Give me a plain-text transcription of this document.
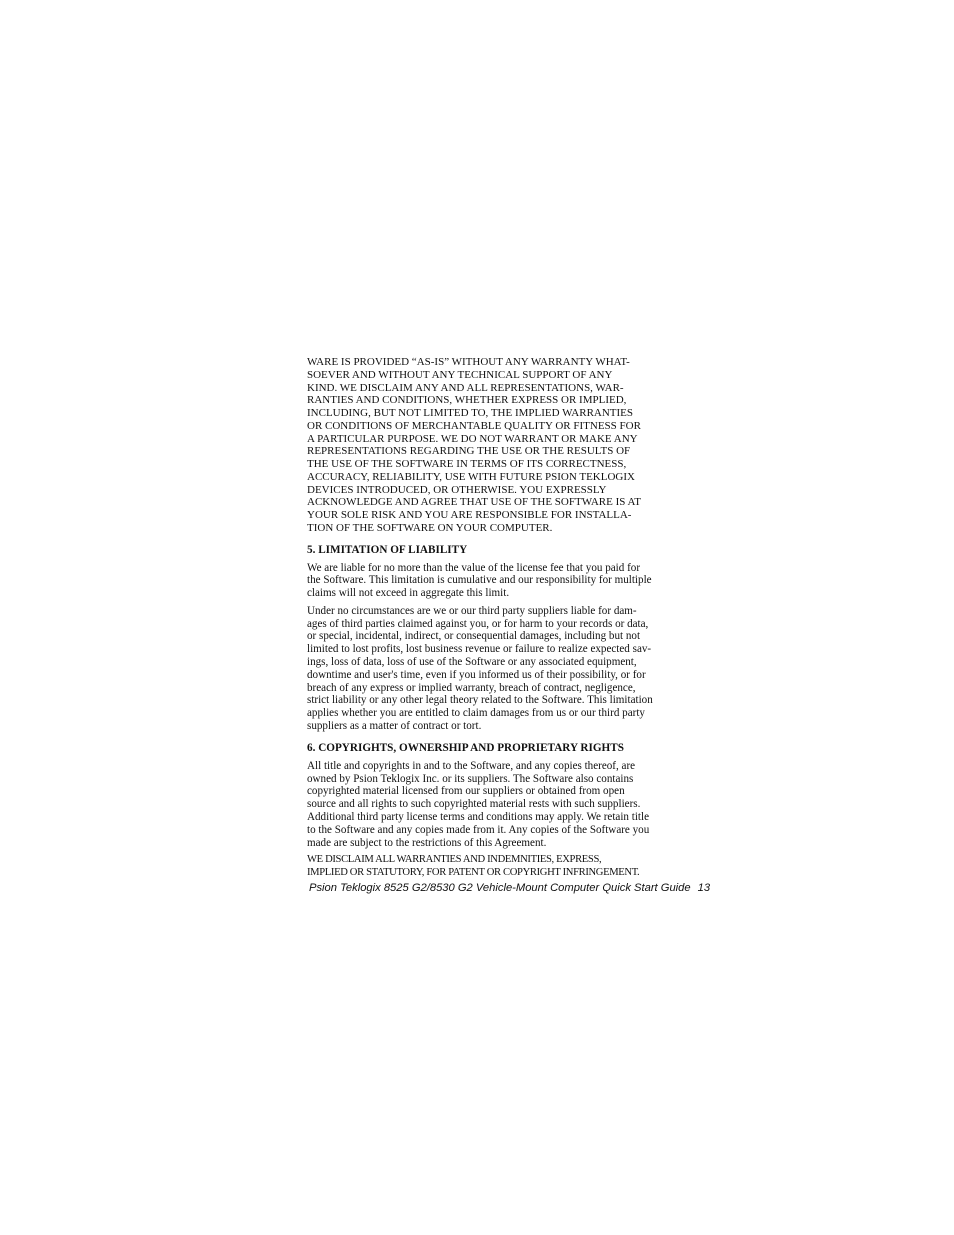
WARE IS PROVIDED “AS-IS” WITHOUT ANY WARRANTY WHAT-
SOEVER AND WITHOUT ANY TECHNICAL SUPPORT OF ANY
KIND. WE DISCLAIM ANY AND ALL REPRESENTATIONS, WAR-
RANTIES AND CONDITIONS, WHETHER EXPRESS OR IMPLIED,
INCLUDING, BUT NOT LIMITED TO, THE IMPLIED WARRANTIES
OR CONDITIONS OF MERCHANTABLE QUALITY OR FITNESS FOR
A PARTICULAR PURPOSE. WE DO NOT WARRANT OR MAKE ANY
REPRESENTATIONS REGARDING THE USE OR THE RESULTS OF
THE USE OF THE SOFTWARE IN TERMS OF ITS CORRECTNESS,
ACCURACY, RELIABILITY, USE WITH FUTURE PSION TEKLOGIX
DEVICES INTRODUCED, OR OTHERWISE. YOU EXPRESSLY
ACKNOWLEDGE AND AGREE THAT USE OF THE SOFTWARE IS AT
YOUR SOLE RISK AND YOU ARE RESPONSIBLE FOR INSTALLA-
TION OF THE SOFTWARE ON YOUR COMPUTER.

5. LIMITATION OF LIABILITY

We are liable for no more than the value of the license fee that you paid for
the Software. This limitation is cumulative and our responsibility for multiple
claims will not exceed in aggregate this limit.

Under no circumstances are we or our third party suppliers liable for dam-
ages of third parties claimed against you, or for harm to your records or data,
or special, incidental, indirect, or consequential damages, including but not
limited to lost profits, lost business revenue or failure to realize expected sav-
ings, loss of data, loss of use of the Software or any associated equipment,
downtime and user's time, even if you informed us of their possibility, or for
breach of any express or implied warranty, breach of contract, negligence,
strict liability or any other legal theory related to the Software. This limitation
applies whether you are entitled to claim damages from us or our third party
suppliers as a matter of contract or tort.

6. COPYRIGHTS, OWNERSHIP AND PROPRIETARY RIGHTS

All title and copyrights in and to the Software, and any copies thereof, are
owned by Psion Teklogix Inc. or its suppliers. The Software also contains
copyrighted material licensed from our suppliers or obtained from open
source and all rights to such copyrighted material rests with such suppliers.
Additional third party license terms and conditions may apply. We retain title
to the Software and any copies made from it. Any copies of the Software you
made are subject to the restrictions of this Agreement.

WE DISCLAIM ALL WARRANTIES AND INDEMNITIES, EXPRESS,
IMPLIED OR STATUTORY, FOR PATENT OR COPYRIGHT INFRINGEMENT.

Psion Teklogix 8525 G2/8530 G2 Vehicle-Mount Computer Quick Start Guide 13
